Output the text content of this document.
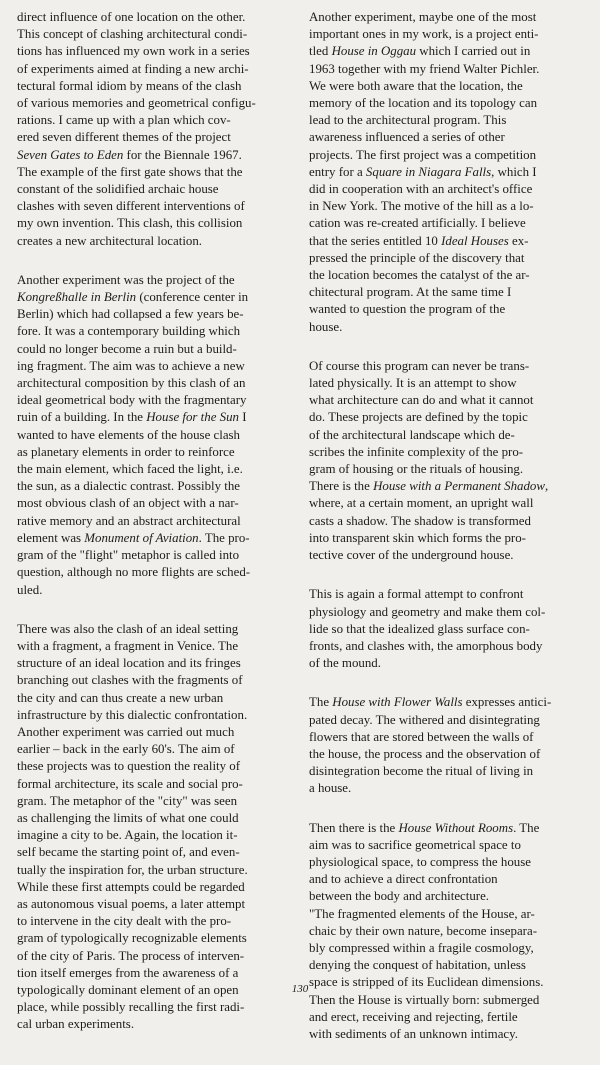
direct influence of one location on the other.
This concept of clashing architectural condi-
tions has influenced my own work in a series
of experiments aimed at finding a new archi-
tectural formal idiom by means of the clash
of various memories and geometrical configu-
rations. I came up with a plan which cov-
ered seven different themes of the project
Seven Gates to Eden for the Biennale 1967.
The example of the first gate shows that the
constant of the solidified archaic house
clashes with seven different interventions of
my own invention. This clash, this collision
creates a new architectural location.

Another experiment was the project of the
Kongreßhalle in Berlin (conference center in
Berlin) which had collapsed a few years be-
fore. It was a contemporary building which
could no longer become a ruin but a build-
ing fragment. The aim was to achieve a new
architectural composition by this clash of an
ideal geometrical body with the fragmentary
ruin of a building. In the House for the Sun I
wanted to have elements of the house clash
as planetary elements in order to reinforce
the main element, which faced the light, i.e.
the sun, as a dialectic contrast. Possibly the
most obvious clash of an object with a nar-
rative memory and an abstract architectural
element was Monument of Aviation. The pro-
gram of the "flight" metaphor is called into
question, although no more flights are sched-
uled.

There was also the clash of an ideal setting
with a fragment, a fragment in Venice. The
structure of an ideal location and its fringes
branching out clashes with the fragments of
the city and can thus create a new urban
infrastructure by this dialectic confrontation.
Another experiment was carried out much
earlier – back in the early 60's. The aim of
these projects was to question the reality of
formal architecture, its scale and social pro-
gram. The metaphor of the "city" was seen
as challenging the limits of what one could
imagine a city to be. Again, the location it-
self became the starting point of, and even-
tually the inspiration for, the urban structure.
While these first attempts could be regarded
as autonomous visual poems, a later attempt
to intervene in the city dealt with the pro-
gram of typologically recognizable elements
of the city of Paris. The process of interven-
tion itself emerges from the awareness of a
typologically dominant element of an open
place, while possibly recalling the first radi-
cal urban experiments.

Another experiment, maybe one of the most
important ones in my work, is a project enti-
tled House in Oggau which I carried out in
1963 together with my friend Walter Pichler.
We were both aware that the location, the
memory of the location and its topology can
lead to the architectural program. This
awareness influenced a series of other
projects. The first project was a competition
entry for a Square in Niagara Falls, which I
did in cooperation with an architect's office
in New York. The motive of the hill as a lo-
cation was re-created artificially. I believe
that the series entitled 10 Ideal Houses ex-
pressed the principle of the discovery that
the location becomes the catalyst of the ar-
chitectural program. At the same time I
wanted to question the program of the
house.

Of course this program can never be trans-
lated physically. It is an attempt to show
what architecture can do and what it cannot
do. These projects are defined by the topic
of the architectural landscape which de-
scribes the infinite complexity of the pro-
gram of housing or the rituals of housing.
There is the House with a Permanent Shadow,
where, at a certain moment, an upright wall
casts a shadow. The shadow is transformed
into transparent skin which forms the pro-
tective cover of the underground house.

This is again a formal attempt to confront
physiology and geometry and make them col-
lide so that the idealized glass surface con-
fronts, and clashes with, the amorphous body
of the mound.

The House with Flower Walls expresses antici-
pated decay. The withered and disintegrating
flowers that are stored between the walls of
the house, the process and the observation of
disintegration become the ritual of living in
a house.

Then there is the House Without Rooms. The
aim was to sacrifice geometrical space to
physiological space, to compress the house
and to achieve a direct confrontation
between the body and architecture.
"The fragmented elements of the House, ar-
chaic by their own nature, become insepara-
bly compressed within a fragile cosmology,
denying the conquest of habitation, unless
space is stripped of its Euclidean dimensions.
Then the House is virtually born: submerged
and erect, receiving and rejecting, fertile
with sediments of an unknown intimacy.

130
